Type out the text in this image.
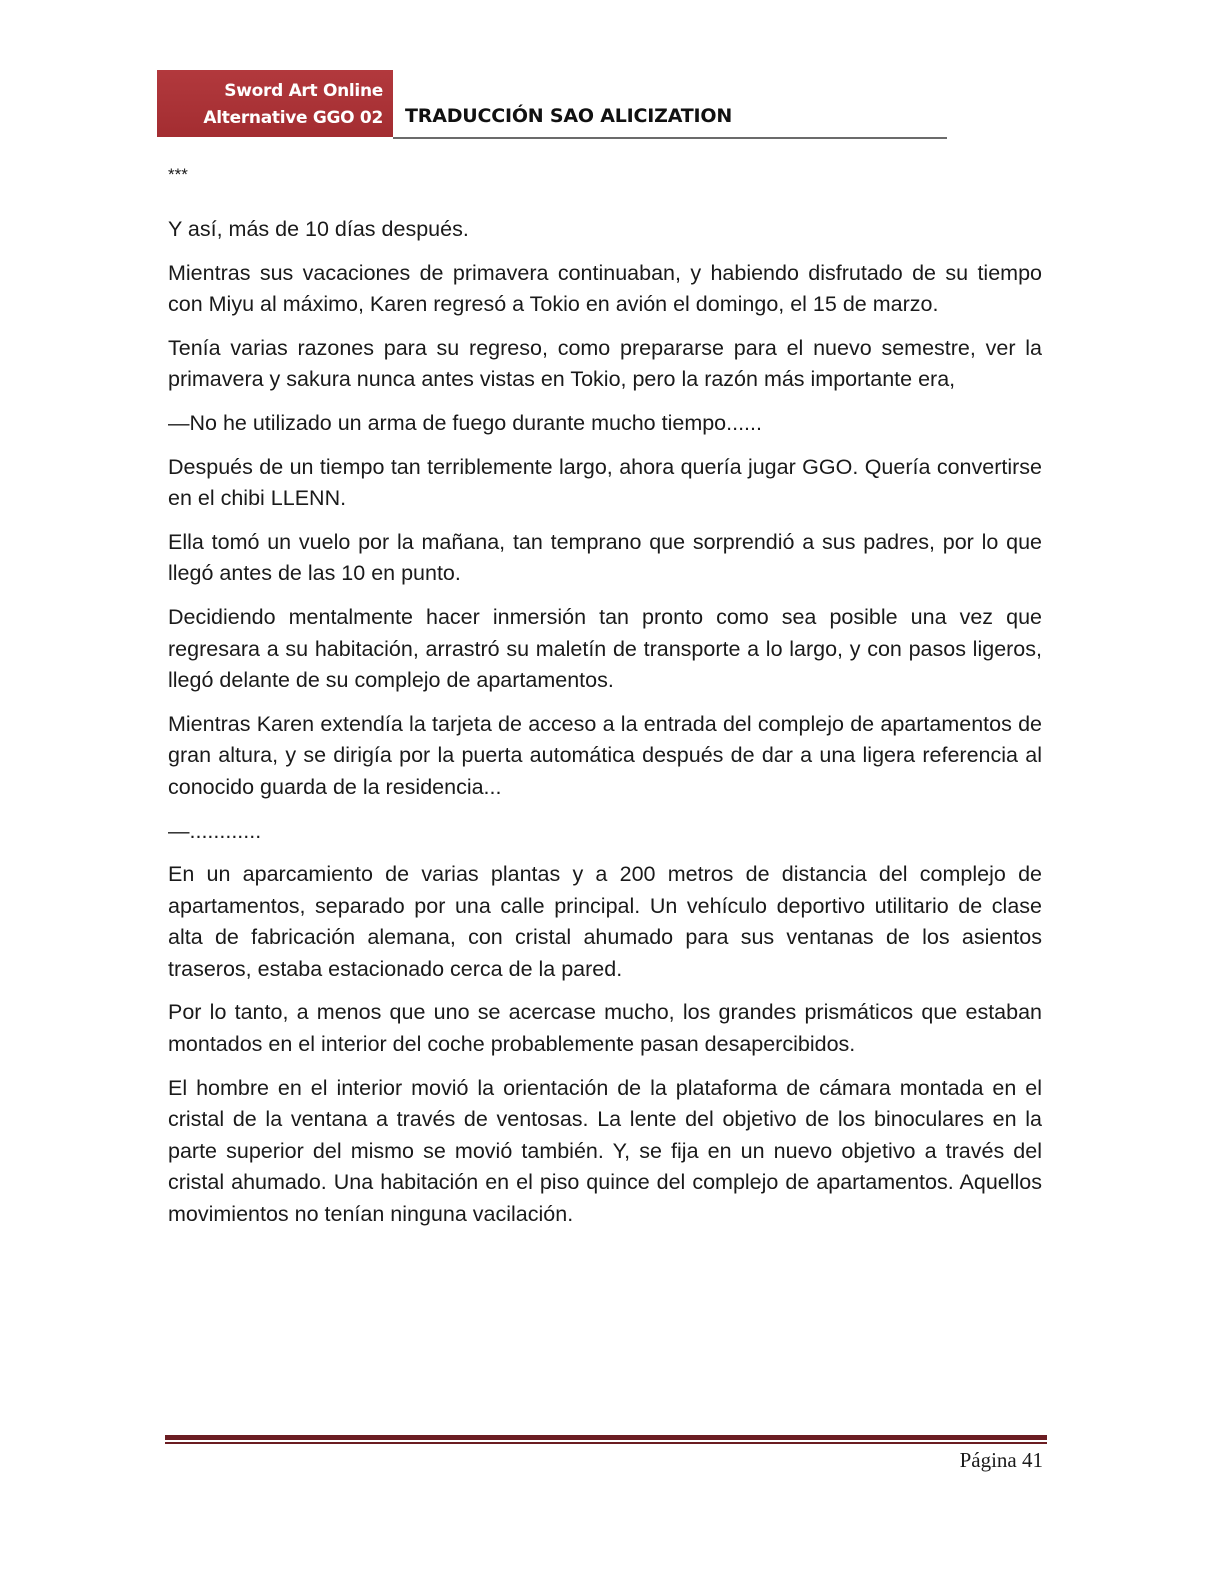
Sword Art Online
Alternative GGO 02 TRADUCCIÓN SAO ALICIZATION

***

Y así, más de 10 días después.

Mientras sus vacaciones de primavera continuaban, y habiendo disfrutado de su tiempo con Miyu al máximo, Karen regresó a Tokio en avión el domingo, el 15 de marzo.

Tenía varias razones para su regreso, como prepararse para el nuevo semestre, ver la primavera y sakura nunca antes vistas en Tokio, pero la razón más importante era,

—No he utilizado un arma de fuego durante mucho tiempo......

Después de un tiempo tan terriblemente largo, ahora quería jugar GGO. Quería convertirse en el chibi LLENN.

Ella tomó un vuelo por la mañana, tan temprano que sorprendió a sus padres, por lo que llegó antes de las 10 en punto.

Decidiendo mentalmente hacer inmersión tan pronto como sea posible una vez que regresara a su habitación, arrastró su maletín de transporte a lo largo, y con pasos ligeros, llegó delante de su complejo de apartamentos.

Mientras Karen extendía la tarjeta de acceso a la entrada del complejo de apartamentos de gran altura, y se dirigía por la puerta automática después de dar a una ligera referencia al conocido guarda de la residencia...

—............

En un aparcamiento de varias plantas y a 200 metros de distancia del complejo de apartamentos, separado por una calle principal. Un vehículo deportivo utilitario de clase alta de fabricación alemana, con cristal ahumado para sus ventanas de los asientos traseros, estaba estacionado cerca de la pared.

Por lo tanto, a menos que uno se acercase mucho, los grandes prismáticos que estaban montados en el interior del coche probablemente pasan desapercibidos.

El hombre en el interior movió la orientación de la plataforma de cámara montada en el cristal de la ventana a través de ventosas. La lente del objetivo de los binoculares en la parte superior del mismo se movió también. Y, se fija en un nuevo objetivo a través del cristal ahumado. Una habitación en el piso quince del complejo de apartamentos. Aquellos movimientos no tenían ninguna vacilación.

Página 41
